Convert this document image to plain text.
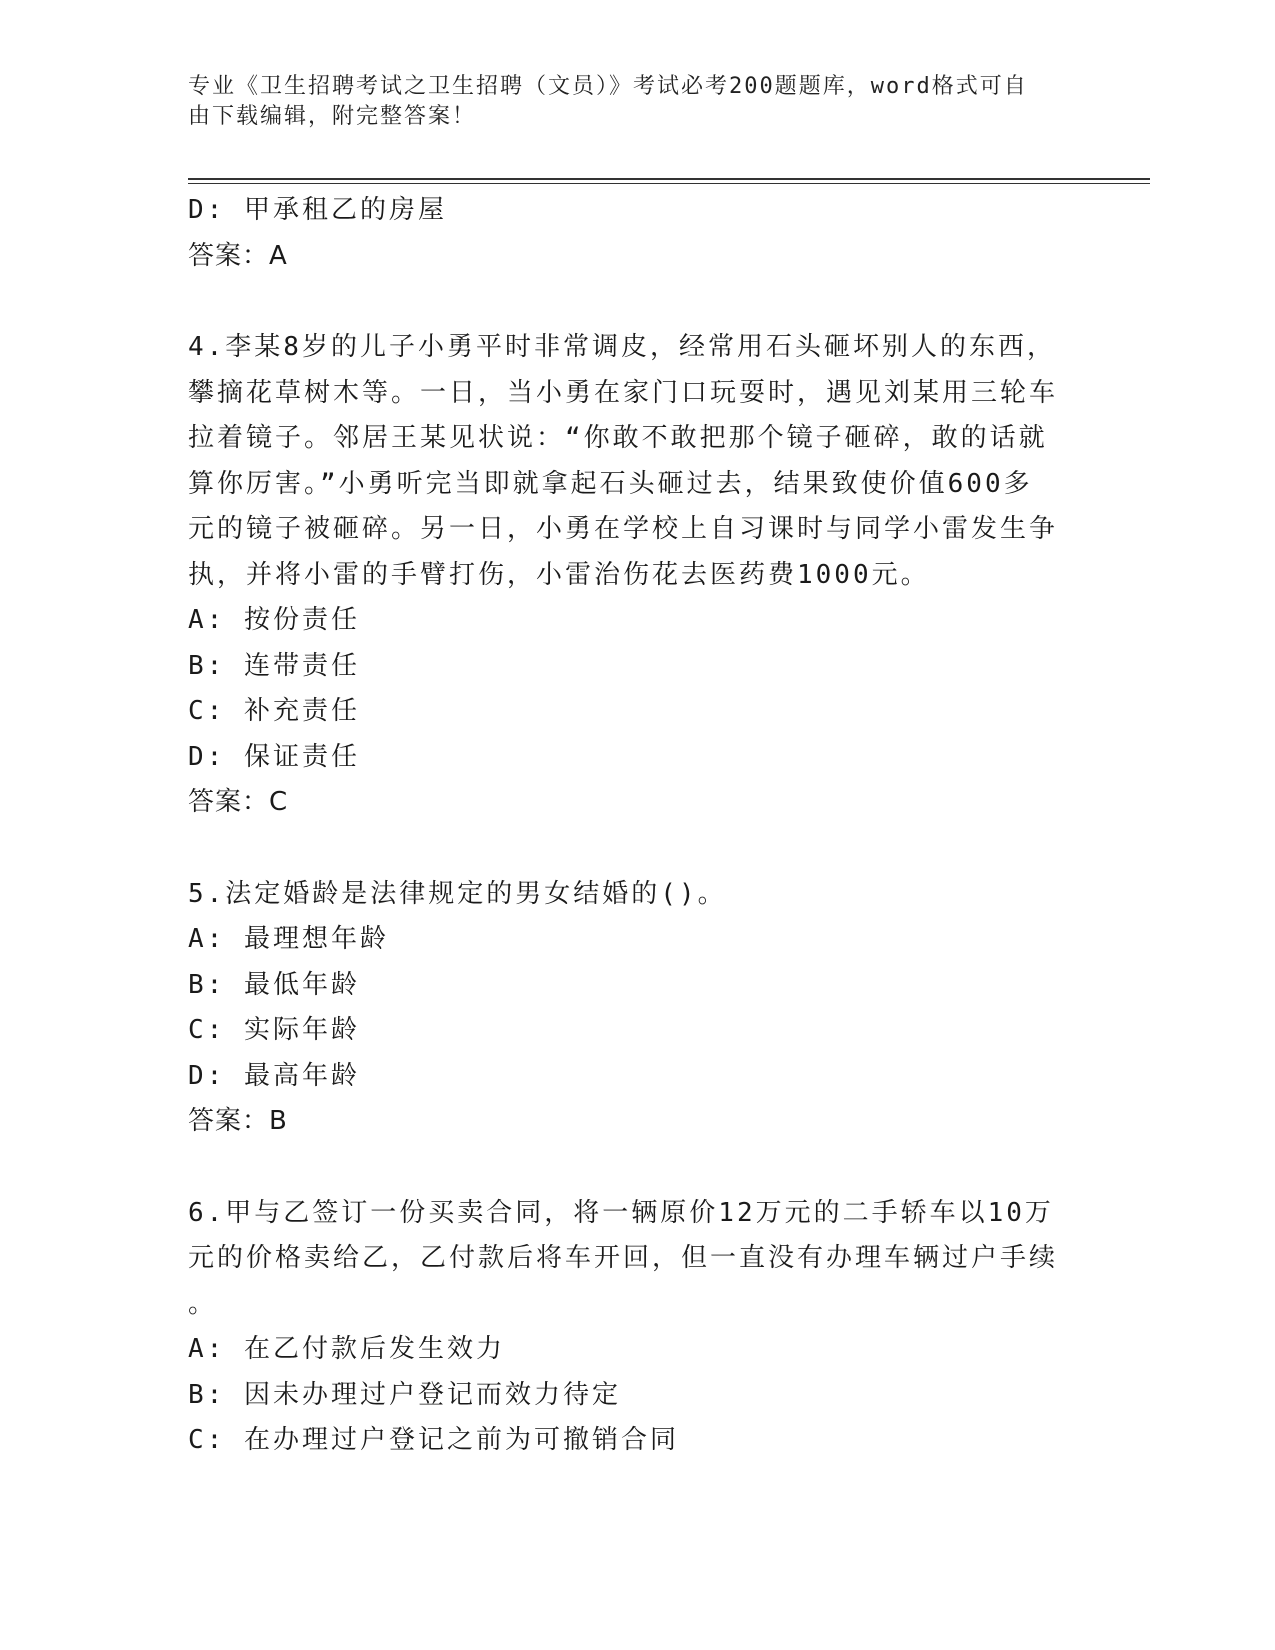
专业《卫生招聘考试之卫生招聘（文员）》考试必考200题题库，word格式可自
由下载编辑，附完整答案！
D: 甲承租乙的房屋
答案：A
4.李某8岁的儿子小勇平时非常调皮，经常用石头砸坏别人的东西，
攀摘花草树木等。一日，当小勇在家门口玩耍时，遇见刘某用三轮车
拉着镜子。邻居王某见状说：“你敢不敢把那个镜子砸碎，敢的话就
算你厉害。”小勇听完当即就拿起石头砸过去，结果致使价值600多
元的镜子被砸碎。另一日，小勇在学校上自习课时与同学小雷发生争
执，并将小雷的手臂打伤，小雷治伤花去医药费1000元。
A: 按份责任
B: 连带责任
C: 补充责任
D: 保证责任
答案：C
5.法定婚龄是法律规定的男女结婚的()。
A: 最理想年龄
B: 最低年龄
C: 实际年龄
D: 最高年龄
答案：B
6.甲与乙签订一份买卖合同，将一辆原价12万元的二手轿车以10万
元的价格卖给乙，乙付款后将车开回，但一直没有办理车辆过户手续
。
A: 在乙付款后发生效力
B: 因未办理过户登记而效力待定
C: 在办理过户登记之前为可撤销合同
